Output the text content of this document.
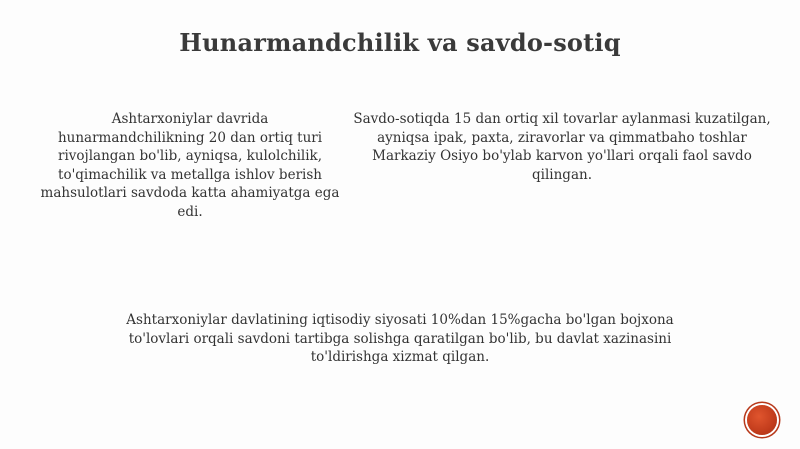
Hunarmandchilik va savdo-sotiq
Ashtarxoniylar davrida hunarmandchilikning 20 dan ortiq turi rivojlangan bo'lib, ayniqsa, kulolchilik, to'qimachilik va metallga ishlov berish mahsulotlari savdoda katta ahamiyatga ega edi.
Savdo-sotiqda 15 dan ortiq xil tovarlar aylanmasi kuzatilgan, ayniqsa ipak, paxta, ziravorlar va qimmatbaho toshlar Markaziy Osiyo bo'ylab karvon yo'llari orqali faol savdo qilingan.
Ashtarxoniylar davlatining iqtisodiy siyosati 10%dan 15%gacha bo'lgan bojxona to'lovlari orqali savdoni tartibga solishga qaratilgan bo'lib, bu davlat xazinasini to'ldirishga xizmat qilgan.
